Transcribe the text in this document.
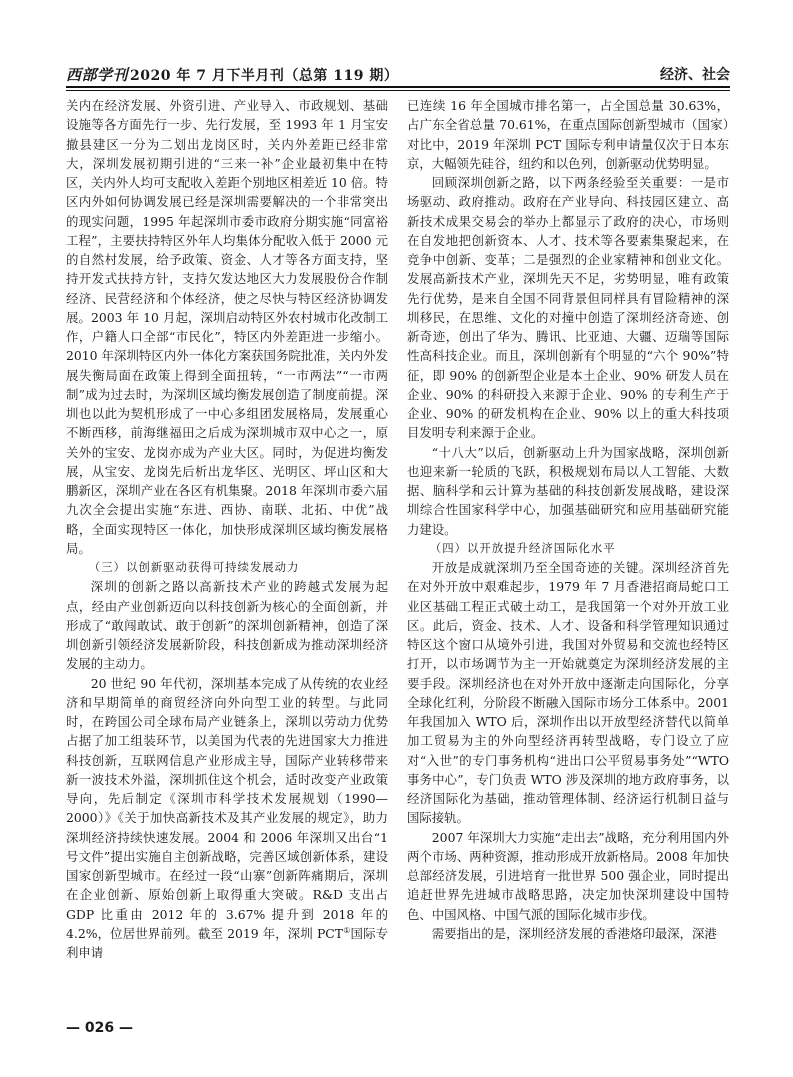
西部学刊 2020 年 7 月下半月刊（总第 119 期）	经济、社会

关内在经济发展、外资引进、产业导入、市政规划、基础设施等各方面先行一步、先行发展，至 1993 年 1 月宝安撤县建区一分为二划出龙岗区时，关内外差距已经非常大，深圳发展初期引进的“三来一补”企业最初集中在特区，关内外人均可支配收入差距个别地区相差近 10 倍。特区内外如何协调发展已经是深圳需要解决的一个非常突出的现实问题，1995 年起深圳市委市政府分期实施“同富裕工程”，主要扶持特区外年人均集体分配收入低于 2000 元的自然村发展，给予政策、资金、人才等各方面支持，坚持开发式扶持方针，支持欠发达地区大力发展股份合作制经济、民营经济和个体经济，使之尽快与特区经济协调发展。2003 年 10 月起，深圳启动特区外农村城市化改制工作，户籍人口全部“市民化”，特区内外差距进一步缩小。2010 年深圳特区内外一体化方案获国务院批准，关内外发展失衡局面在政策上得到全面扭转，“一市两法”“一市两制”成为过去时，为深圳区域均衡发展创造了制度前提。深圳也以此为契机形成了一中心多组团发展格局，发展重心不断西移，前海继福田之后成为深圳城市双中心之一，原关外的宝安、龙岗亦成为产业大区。同时，为促进均衡发展，从宝安、龙岗先后析出龙华区、光明区、坪山区和大鹏新区，深圳产业在各区有机集聚。2018 年深圳市委六届九次全会提出实施“东进、西协、南联、北拓、中优”战略，全面实现特区一体化，加快形成深圳区域均衡发展格局。

（三）以创新驱动获得可持续发展动力

深圳的创新之路以高新技术产业的跨越式发展为起点，经由产业创新迈向以科技创新为核心的全面创新，并形成了“敢闯敢试、敢于创新”的深圳创新精神，创造了深圳创新引领经济发展新阶段，科技创新成为推动深圳经济发展的主动力。

20 世纪 90 年代初，深圳基本完成了从传统的农业经济和早期简单的商贸经济向外向型工业的转型。与此同时，在跨国公司全球布局产业链条上，深圳以劳动力优势占据了加工组装环节，以美国为代表的先进国家大力推进科技创新，互联网信息产业形成主导，国际产业转移带来新一波技术外溢，深圳抓住这个机会，适时改变产业政策导向，先后制定《深圳市科学技术发展规划（1990—2000）》《关于加快高新技术及其产业发展的规定》，助力深圳经济持续快速发展。2004 和 2006 年深圳又出台“1 号文件”提出实施自主创新战略，完善区域创新体系，建设国家创新型城市。在经过一段“山寨”创新阵痛期后，深圳在企业创新、原始创新上取得重大突破。R&D 支出占 GDP 比重由 2012 年的 3.67% 提升到 2018 年的 4.2%，位居世界前列。截至 2019 年，深圳 PCT①国际专利申请

已连续 16 年全国城市排名第一，占全国总量 30.63%，占广东全省总量 70.61%，在重点国际创新型城市（国家）对比中，2019 年深圳 PCT 国际专利申请量仅次于日本东京，大幅领先硅谷，纽约和以色列，创新驱动优势明显。

回顾深圳创新之路，以下两条经验至关重要：一是市场驱动、政府推动。政府在产业导向、科技园区建立、高新技术成果交易会的举办上都显示了政府的决心，市场则在自发地把创新资本、人才、技术等各要素集聚起来，在竞争中创新、变革；二是强烈的企业家精神和创业文化。发展高新技术产业，深圳先天不足，劣势明显，唯有政策先行优势，是来自全国不同背景但同样具有冒险精神的深圳移民，在思维、文化的对撞中创造了深圳经济奇迹、创新奇迹，创出了华为、腾讯、比亚迪、大疆、迈瑞等国际性高科技企业。而且，深圳创新有个明显的“六个 90%”特征，即 90% 的创新型企业是本土企业、90% 研发人员在企业、90% 的科研投入来源于企业、90% 的专利生产于企业、90% 的研发机构在企业、90% 以上的重大科技项目发明专利来源于企业。

“十八大”以后，创新驱动上升为国家战略，深圳创新也迎来新一轮质的飞跃，积极规划布局以人工智能、大数据、脑科学和云计算为基础的科技创新发展战略，建设深圳综合性国家科学中心，加强基础研究和应用基础研究能力建设。

（四）以开放提升经济国际化水平

开放是成就深圳乃至全国奇迹的关键。深圳经济首先在对外开放中艰难起步，1979 年 7 月香港招商局蛇口工业区基础工程正式破土动工，是我国第一个对外开放工业区。此后，资金、技术、人才、设备和科学管理知识通过特区这个窗口从境外引进，我国对外贸易和交流也经特区打开，以市场调节为主一开始就奠定为深圳经济发展的主要手段。深圳经济也在对外开放中逐渐走向国际化，分享全球化红利，分阶段不断融入国际市场分工体系中。2001 年我国加入 WTO 后，深圳作出以开放型经济替代以简单加工贸易为主的外向型经济再转型战略，专门设立了应对“入世”的专门事务机构“进出口公平贸易事务处”“WTO 事务中心”，专门负责 WTO 涉及深圳的地方政府事务，以经济国际化为基础，推动管理体制、经济运行机制日益与国际接轨。

2007 年深圳大力实施“走出去”战略，充分利用国内外两个市场、两种资源，推动形成开放新格局。2008 年加快总部经济发展，引进培育一批世界 500 强企业，同时提出追赶世界先进城市战略思路，决定加快深圳建设中国特色、中国风格、中国气派的国际化城市步伐。

需要指出的是，深圳经济发展的香港烙印最深，深港

— 026 —
